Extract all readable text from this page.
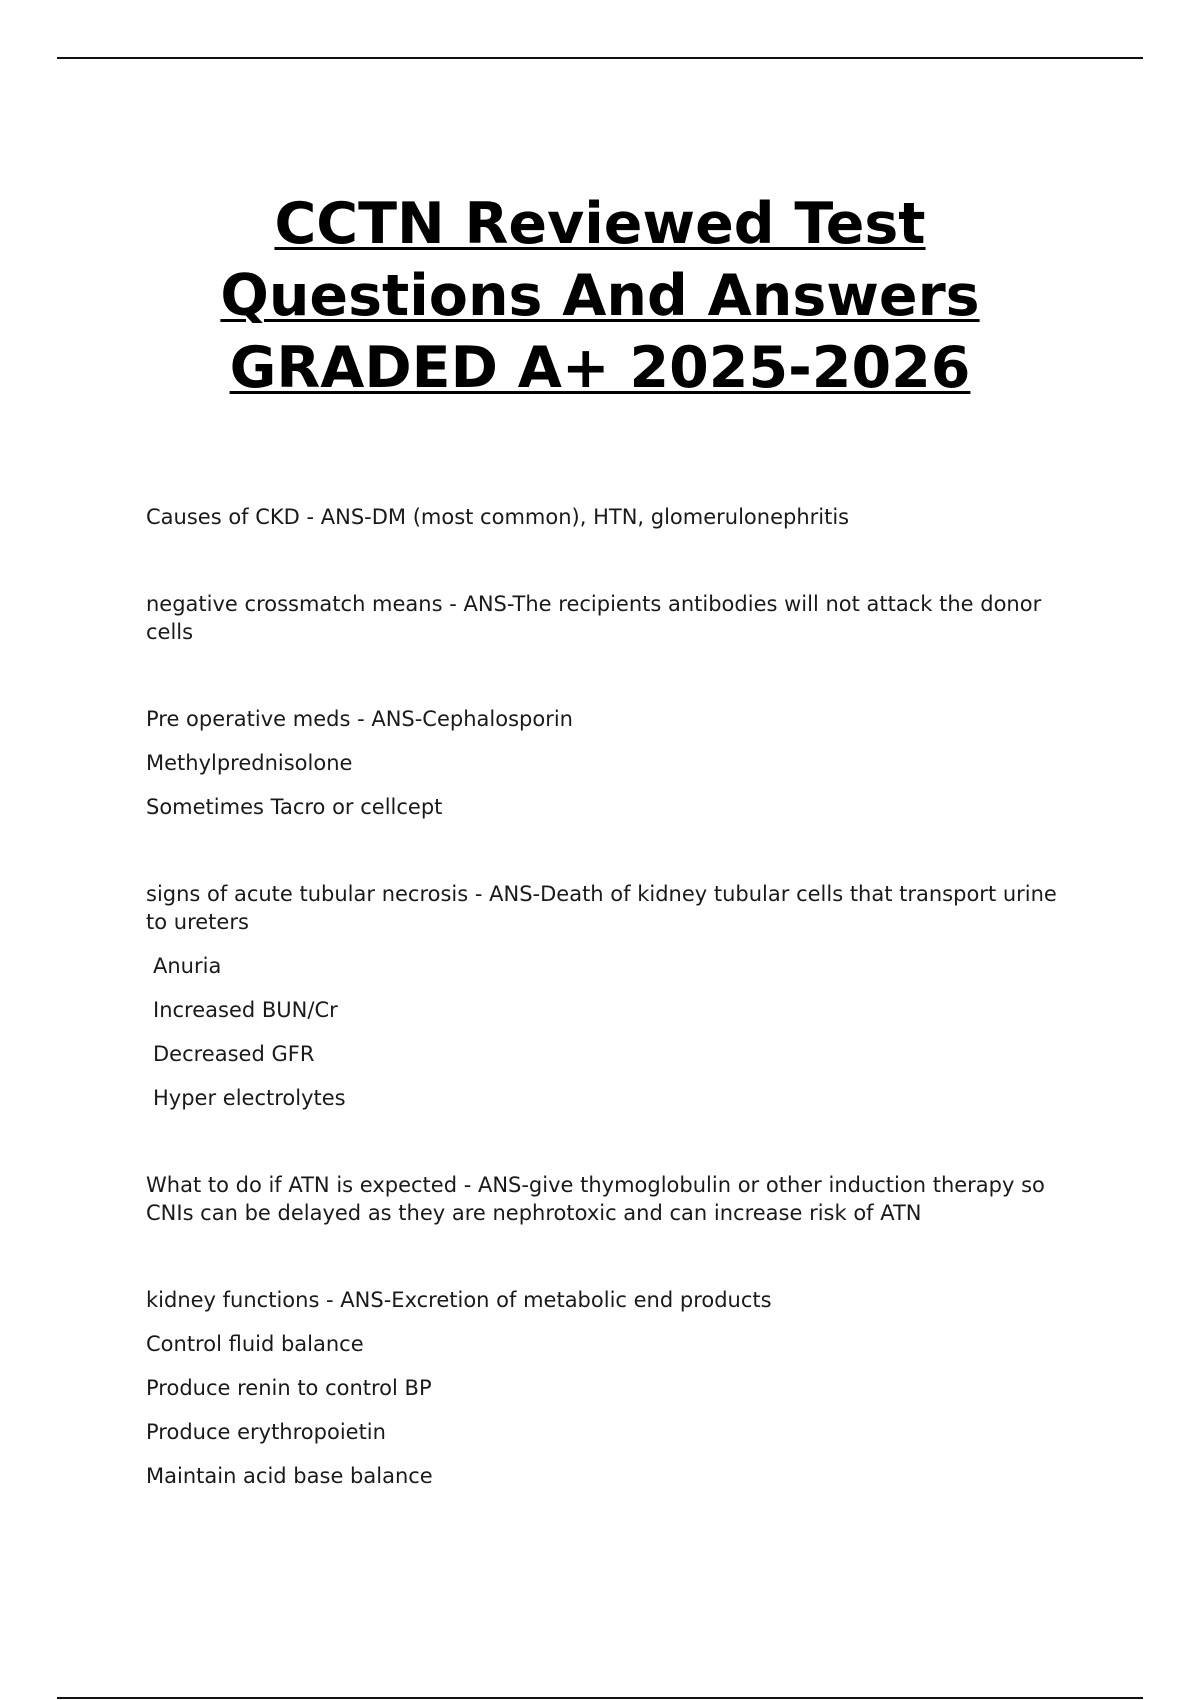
CCTN Reviewed Test
Questions And Answers
GRADED A+ 2025-2026

Causes of CKD - ANS-DM (most common), HTN, glomerulonephritis

negative crossmatch means - ANS-The recipients antibodies will not attack the donor cells

Pre operative meds - ANS-Cephalosporin

Methylprednisolone

Sometimes Tacro or cellcept

signs of acute tubular necrosis - ANS-Death of kidney tubular cells that transport urine to ureters

Anuria

Increased BUN/Cr

Decreased GFR

Hyper electrolytes

What to do if ATN is expected - ANS-give thymoglobulin or other induction therapy so CNIs can be delayed as they are nephrotoxic and can increase risk of ATN

kidney functions - ANS-Excretion of metabolic end products

Control fluid balance

Produce renin to control BP

Produce erythropoietin

Maintain acid base balance
